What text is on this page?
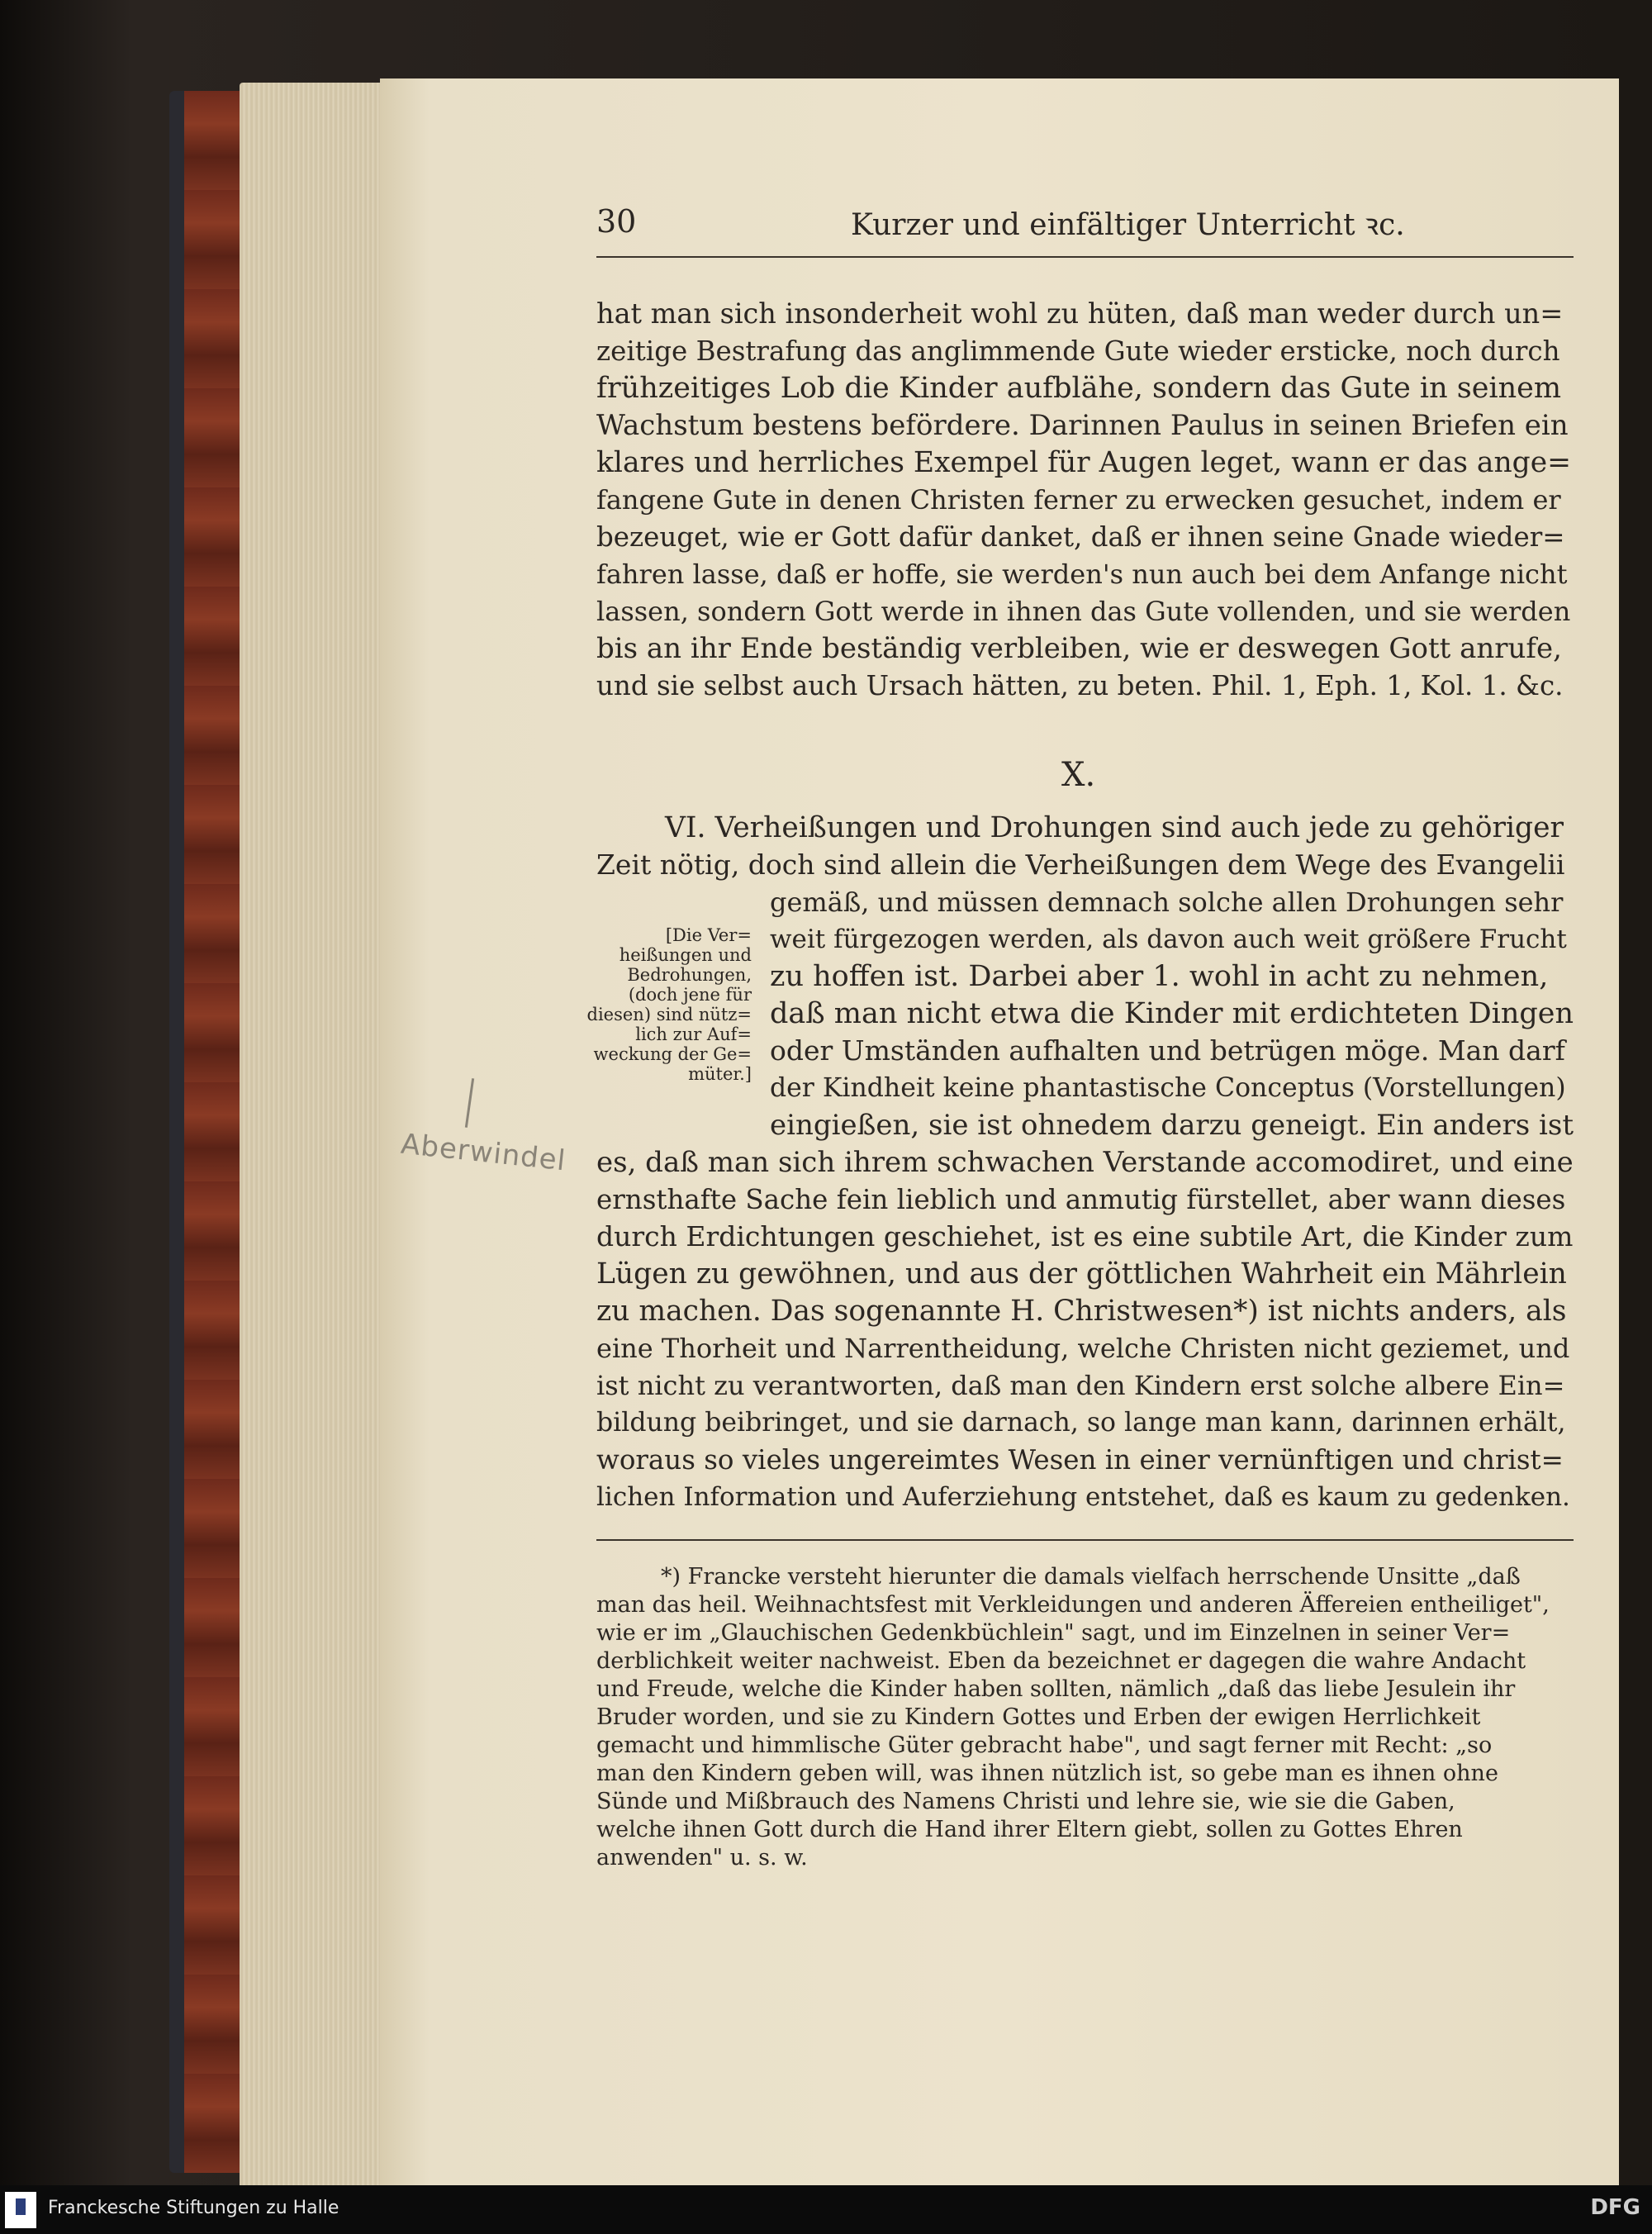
30	Kurzer und einfältiger Unterricht ꝛc.
hat man sich insonderheit wohl zu hüten, daß man weder durch un=
zeitige Bestrafung das anglimmende Gute wieder ersticke, noch durch
frühzeitiges Lob die Kinder aufblähe, sondern das Gute in seinem
Wachstum bestens befördere. Darinnen Paulus in seinen Briefen ein
klares und herrliches Exempel für Augen leget, wann er das ange=
fangene Gute in denen Christen ferner zu erwecken gesuchet, indem er
bezeuget, wie er Gott dafür danket, daß er ihnen seine Gnade wieder=
fahren lasse, daß er hoffe, sie werden's nun auch bei dem Anfange nicht
lassen, sondern Gott werde in ihnen das Gute vollenden, und sie werden
bis an ihr Ende beständig verbleiben, wie er deswegen Gott anrufe,
und sie selbst auch Ursach hätten, zu beten. Phil. 1, Eph. 1, Kol. 1. &c.
X.
VI. Verheißungen und Drohungen sind auch jede zu gehöriger
Zeit nötig, doch sind allein die Verheißungen dem Wege des Evangelii
gemäß, und müssen demnach solche allen Drohungen sehr
weit fürgezogen werden, als davon auch weit größere Frucht
zu hoffen ist. Darbei aber 1. wohl in acht zu nehmen,
daß man nicht etwa die Kinder mit erdichteten Dingen
oder Umständen aufhalten und betrügen möge. Man darf
der Kindheit keine phantastische Conceptus (Vorstellungen)
eingießen, sie ist ohnedem darzu geneigt. Ein anders ist
es, daß man sich ihrem schwachen Verstande accomodiret, und eine
ernsthafte Sache fein lieblich und anmutig fürstellet, aber wann dieses
durch Erdichtungen geschiehet, ist es eine subtile Art, die Kinder zum
Lügen zu gewöhnen, und aus der göttlichen Wahrheit ein Mährlein
zu machen. Das sogenannte H. Christwesen*) ist nichts anders, als
eine Thorheit und Narrentheidung, welche Christen nicht geziemet, und
ist nicht zu verantworten, daß man den Kindern erst solche albere Ein=
bildung beibringet, und sie darnach, so lange man kann, darinnen erhält,
woraus so vieles ungereimtes Wesen in einer vernünftigen und christ=
lichen Information und Auferziehung entstehet, daß es kaum zu gedenken.
[Die Ver=
heißungen und
Bedrohungen,
(doch jene für
diesen) sind nütz=
lich zur Auf=
weckung der Ge=
müter.]
Aberwindel
*) Francke versteht hierunter die damals vielfach herrschende Unsitte „daß
man das heil. Weihnachtsfest mit Verkleidungen und anderen Äffereien entheiliget",
wie er im „Glauchischen Gedenkbüchlein" sagt, und im Einzelnen in seiner Ver=
derblichkeit weiter nachweist. Eben da bezeichnet er dagegen die wahre Andacht
und Freude, welche die Kinder haben sollten, nämlich „daß das liebe Jesulein ihr
Bruder worden, und sie zu Kindern Gottes und Erben der ewigen Herrlichkeit
gemacht und himmlische Güter gebracht habe", und sagt ferner mit Recht: „so
man den Kindern geben will, was ihnen nützlich ist, so gebe man es ihnen ohne
Sünde und Mißbrauch des Namens Christi und lehre sie, wie sie die Gaben,
welche ihnen Gott durch die Hand ihrer Eltern giebt, sollen zu Gottes Ehren
anwenden" u. s. w.
Franckesche Stiftungen zu Halle	DFG
